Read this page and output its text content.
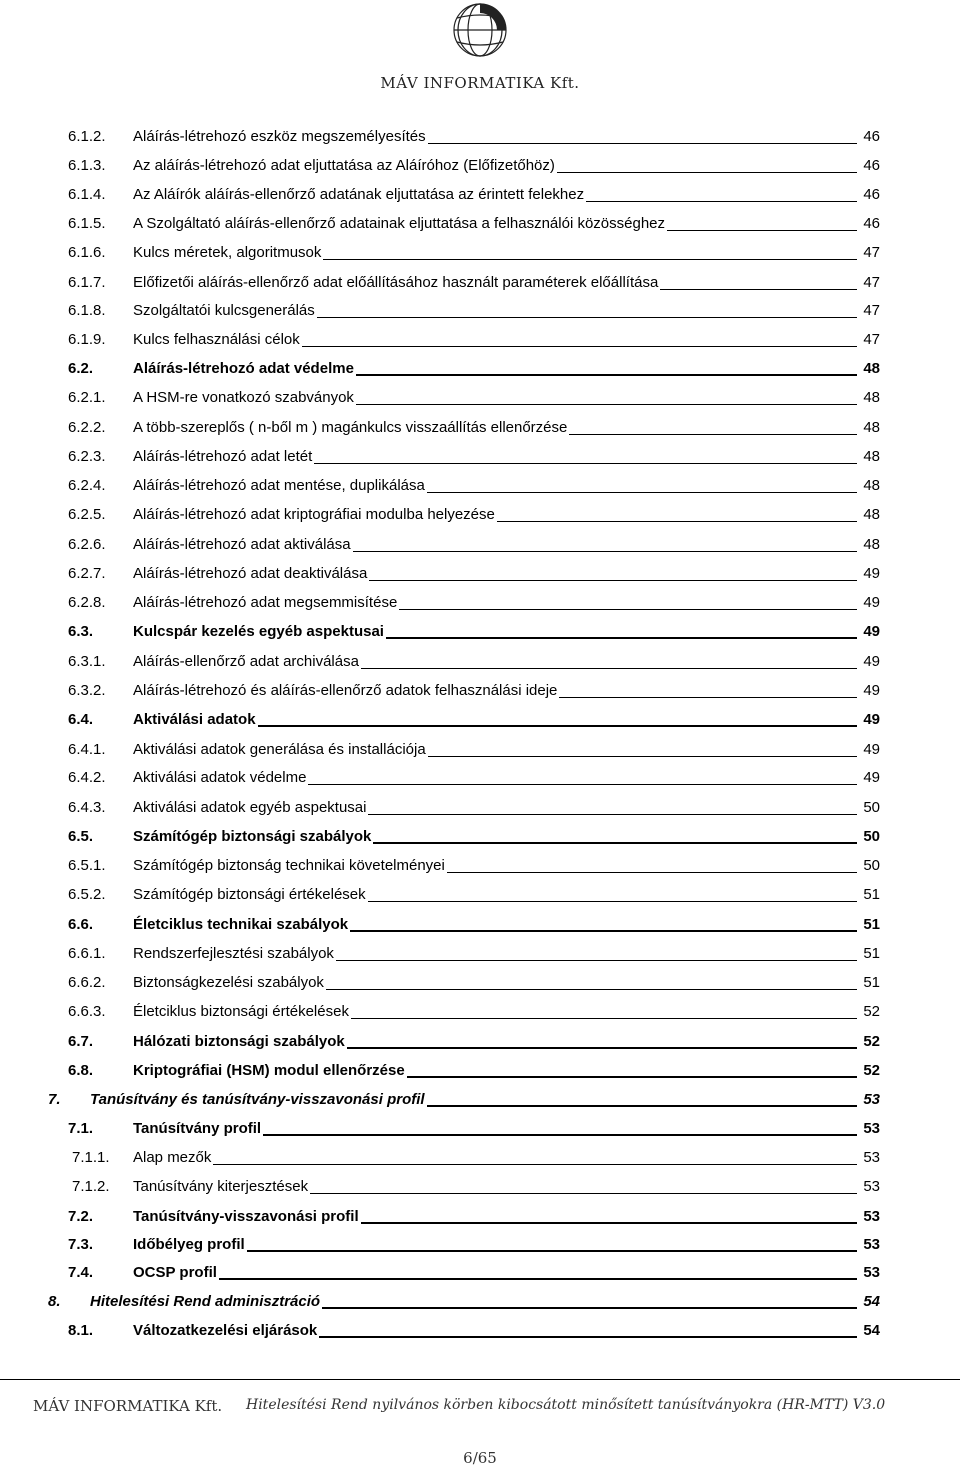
MÁV INFORMATIKA Kft.
6.1.2. Aláírás-létrehozó eszköz megszemélyesítés	46
6.1.3. Az aláírás-létrehozó adat eljuttatása az Aláíróhoz (Előfizetőhöz)	46
6.1.4. Az Aláírók aláírás-ellenőrző adatának eljuttatása az érintett felekhez	46
6.1.5. A Szolgáltató aláírás-ellenőrző adatainak eljuttatása a felhasználói közösséghez	46
6.1.6. Kulcs méretek, algoritmusok	47
6.1.7. Előfizetői aláírás-ellenőrző adat előállításához használt paraméterek előállítása	47
6.1.8. Szolgáltatói kulcsgenerálás	47
6.1.9. Kulcs felhasználási célok	47
6.2.	Aláírás-létrehozó adat védelme	48
6.2.1. A HSM-re vonatkozó szabványok	48
6.2.2. A több-szereplős ( n-ből m ) magánkulcs visszaállítás ellenőrzése	48
6.2.3. Aláírás-létrehozó adat letét	48
6.2.4. Aláírás-létrehozó adat mentése, duplikálása	48
6.2.5. Aláírás-létrehozó adat kriptográfiai modulba helyezése	48
6.2.6. Aláírás-létrehozó adat aktiválása	48
6.2.7. Aláírás-létrehozó adat deaktiválása	49
6.2.8. Aláírás-létrehozó adat megsemmisítése	49
6.3.	Kulcspár kezelés egyéb aspektusai	49
6.3.1. Aláírás-ellenőrző adat archiválása	49
6.3.2. Aláírás-létrehozó és aláírás-ellenőrző adatok felhasználási ideje	49
6.4.	Aktiválási adatok	49
6.4.1. Aktiválási adatok generálása és installációja	49
6.4.2. Aktiválási adatok védelme	49
6.4.3. Aktiválási adatok egyéb aspektusai	50
6.5.	Számítógép biztonsági szabályok	50
6.5.1. Számítógép biztonság technikai követelményei	50
6.5.2. Számítógép biztonsági értékelések	51
6.6.	Életciklus technikai szabályok	51
6.6.1. Rendszerfejlesztési szabályok	51
6.6.2. Biztonságkezelési szabályok	51
6.6.3. Életciklus biztonsági értékelések	52
6.7.	Hálózati biztonsági szabályok	52
6.8.	Kriptográfiai (HSM) modul ellenőrzése	52
7. Tanúsítvány és tanúsítvány-visszavonási profil	53
7.1.	Tanúsítvány profil	53
7.1.1. Alap mezők	53
7.1.2. Tanúsítvány kiterjesztések	53
7.2.	Tanúsítvány-visszavonási profil	53
7.3.	Időbélyeg profil	53
7.4.	OCSP profil	53
8. Hitelesítési Rend adminisztráció	54
8.1.	Változatkezelési eljárások	54
MÁV INFORMATIKA Kft. Hitelesítési Rend nyilvános körben kibocsátott minősített tanúsítványokra (HR-MTT) V3.0
6/65
